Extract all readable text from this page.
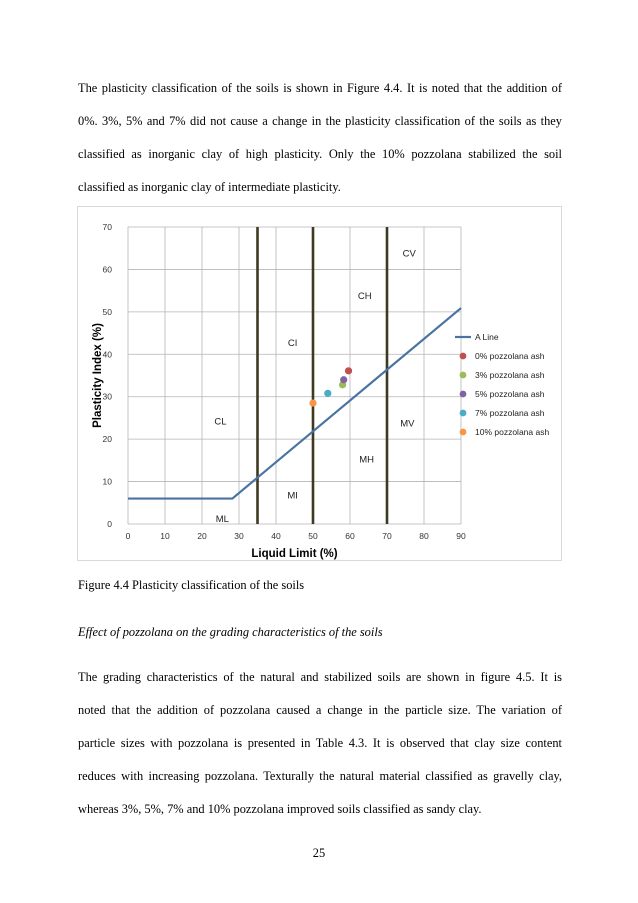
The plasticity classification of the soils is shown in Figure 4.4. It is noted that the addition of
0%. 3%, 5% and 7% did not cause a change in the plasticity classification of the soils as they
classified as inorganic clay of high plasticity. Only the 10% pozzolana stabilized the soil
classified as inorganic clay of intermediate plasticity.
0	10	20	30	40	50	60	70	80	90
0
10
20
30
40
50
60
70
CV
CH
CI
CL	MV
MH
MI
ML
Liquid Limit (%)
Plasticity Index (%)	A Line
0% pozzolana ash
3% pozzolana ash
5% pozzolana ash
7% pozzolana ash
10% pozzolana ash

Figure 4.4 Plasticity classification of the soils

Effect of pozzolana on the grading characteristics of the soils

The grading characteristics of the natural and stabilized soils are shown in figure 4.5. It is
noted that the addition of pozzolana caused a change in the particle size. The variation of
particle sizes with pozzolana is presented in Table 4.3. It is observed that clay size content
reduces with increasing pozzolana. Texturally the natural material classified as gravelly clay,
whereas 3%, 5%, 7% and 10% pozzolana improved soils classified as sandy clay.
25
